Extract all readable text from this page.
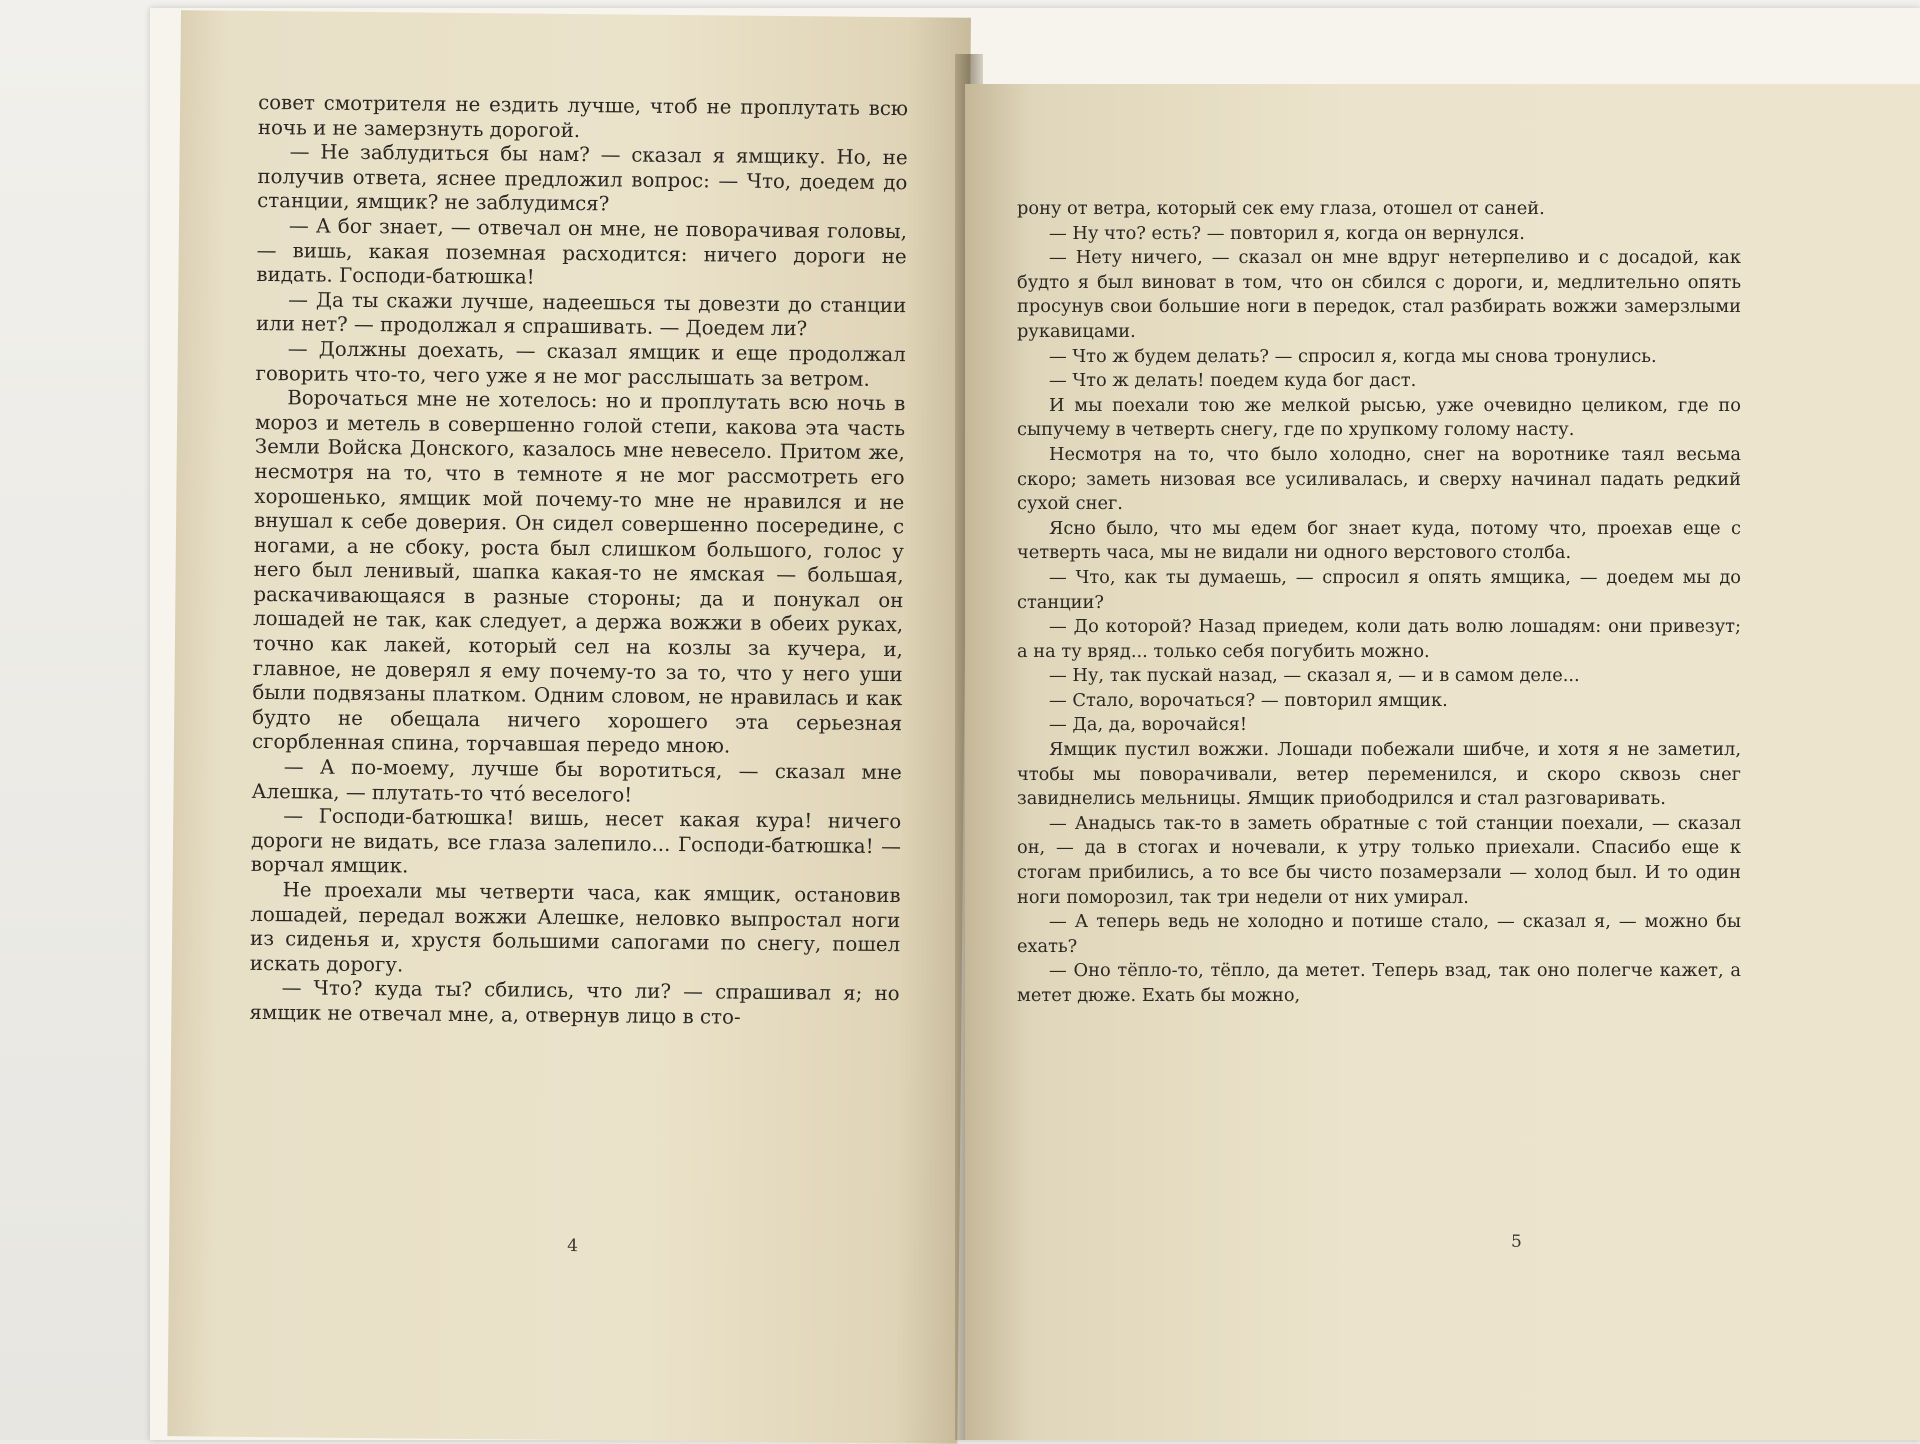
совет смотрителя не ездить лучше, чтоб не проплутать всю ночь и не замерзнуть дорогой.

— Не заблудиться бы нам? — сказал я ямщику. Но, не получив ответа, яснее предложил вопрос: — Что, доедем до станции, ямщик? не заблудимся?

— А бог знает, — отвечал он мне, не поворачивая головы, — вишь, какая поземная расходится: ничего дороги не видать. Господи-батюшка!

— Да ты скажи лучше, надеешься ты довезти до станции или нет? — продолжал я спрашивать. — Доедем ли?

— Должны доехать, — сказал ямщик и еще продолжал говорить что-то, чего уже я не мог расслышать за ветром.

Ворочаться мне не хотелось: но и проплутать всю ночь в мороз и метель в совершенно голой степи, какова эта часть Земли Войска Донского, казалось мне невесело. Притом же, несмотря на то, что в темноте я не мог рассмотреть его хорошенько, ямщик мой почему-то мне не нравился и не внушал к себе доверия. Он сидел совершенно посередине, с ногами, а не сбоку, роста был слишком большого, голос у него был ленивый, шапка какая-то не ямская — большая, раскачивающаяся в разные стороны; да и понукал он лошадей не так, как следует, а держа вожжи в обеих руках, точно как лакей, который сел на козлы за кучера, и, главное, не доверял я ему почему-то за то, что у него уши были подвязаны платком. Одним словом, не нравилась и как будто не обещала ничего хорошего эта серьезная сгорбленная спина, торчавшая передо мною.

— А по-моему, лучше бы воротиться, — сказал мне Алешка, — плутать-то чтó веселого!

— Господи-батюшка! вишь, несет какая кура! ничего дороги не видать, все глаза залепило... Господи-батюшка! — ворчал ямщик.

Не проехали мы четверти часа, как ямщик, остановив лошадей, передал вожжи Алешке, неловко выпростал ноги из сиденья и, хрустя большими сапогами по снегу, пошел искать дорогу.

— Что? куда ты? сбились, что ли? — спрашивал я; но ямщик не отвечал мне, а, отвернув лицо в сто-

4

рону от ветра, который сек ему глаза, отошел от саней.

— Ну что? есть? — повторил я, когда он вернулся.

— Нету ничего, — сказал он мне вдруг нетерпеливо и с досадой, как будто я был виноват в том, что он сбился с дороги, и, медлительно опять просунув свои большие ноги в передок, стал разбирать вожжи замерзлыми рукавицами.

— Что ж будем делать? — спросил я, когда мы снова тронулись.

— Что ж делать! поедем куда бог даст.

И мы поехали тою же мелкой рысью, уже очевидно целиком, где по сыпучему в четверть снегу, где по хрупкому голому насту.

Несмотря на то, что было холодно, снег на воротнике таял весьма скоро; заметь низовая все усиливалась, и сверху начинал падать редкий сухой снег.

Ясно было, что мы едем бог знает куда, потому что, проехав еще с четверть часа, мы не видали ни одного верстового столба.

— Что, как ты думаешь, — спросил я опять ямщика, — доедем мы до станции?

— До которой? Назад приедем, коли дать волю лошадям: они привезут; а на ту вряд... только себя погубить можно.

— Ну, так пускай назад, — сказал я, — и в самом деле...

— Стало, ворочаться? — повторил ямщик.

— Да, да, ворочайся!

Ямщик пустил вожжи. Лошади побежали шибче, и хотя я не заметил, чтобы мы поворачивали, ветер переменился, и скоро сквозь снег завиднелись мельницы. Ямщик приободрился и стал разговаривать.

— Анадысь так-то в заметь обратные с той станции поехали, — сказал он, — да в стогах и ночевали, к утру только приехали. Спасибо еще к стогам прибились, а то все бы чисто позамерзали — холод был. И то один ноги поморозил, так три недели от них умирал.

— А теперь ведь не холодно и потише стало, — сказал я, — можно бы ехать?

— Оно тёпло-то, тёпло, да метет. Теперь взад, так оно полегче кажет, а метет дюже. Ехать бы можно,

5
